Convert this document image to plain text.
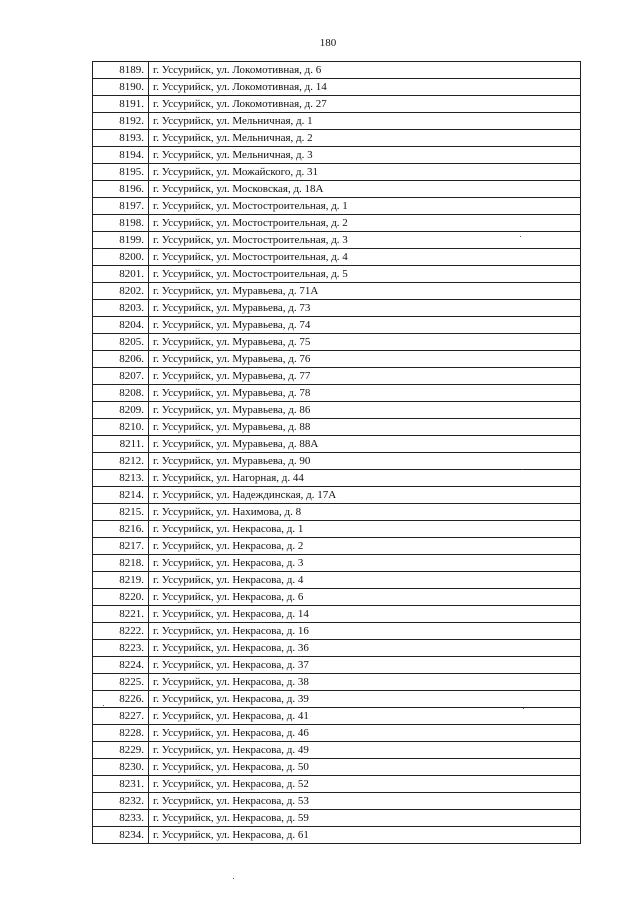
180
8189.	г. Уссурийск, ул. Локомотивная, д. 6
8190.	г. Уссурийск, ул. Локомотивная, д. 14
8191.	г. Уссурийск, ул. Локомотивная, д. 27
8192.	г. Уссурийск, ул. Мельничная, д. 1
8193.	г. Уссурийск, ул. Мельничная, д. 2
8194.	г. Уссурийск, ул. Мельничная, д. 3
8195.	г. Уссурийск, ул. Можайского, д. 31
8196.	г. Уссурийск, ул. Московская, д. 18А
8197.	г. Уссурийск, ул. Мостостроительная, д. 1
8198.	г. Уссурийск, ул. Мостостроительная, д. 2
8199.	г. Уссурийск, ул. Мостостроительная, д. 3
8200.	г. Уссурийск, ул. Мостостроительная, д. 4
8201.	г. Уссурийск, ул. Мостостроительная, д. 5
8202.	г. Уссурийск, ул. Муравьева, д. 71А
8203.	г. Уссурийск, ул. Муравьева, д. 73
8204.	г. Уссурийск, ул. Муравьева, д. 74
8205.	г. Уссурийск, ул. Муравьева, д. 75
8206.	г. Уссурийск, ул. Муравьева, д. 76
8207.	г. Уссурийск, ул. Муравьева, д. 77
8208.	г. Уссурийск, ул. Муравьева, д. 78
8209.	г. Уссурийск, ул. Муравьева, д. 86
8210.	г. Уссурийск, ул. Муравьева, д. 88
8211.	г. Уссурийск, ул. Муравьева, д. 88А
8212.	г. Уссурийск, ул. Муравьева, д. 90
8213.	г. Уссурийск, ул. Нагорная, д. 44
8214.	г. Уссурийск, ул. Надеждинская, д. 17А
8215.	г. Уссурийск, ул. Нахимова, д. 8
8216.	г. Уссурийск, ул. Некрасова, д. 1
8217.	г. Уссурийск, ул. Некрасова, д. 2
8218.	г. Уссурийск, ул. Некрасова, д. 3
8219.	г. Уссурийск, ул. Некрасова, д. 4
8220.	г. Уссурийск, ул. Некрасова, д. 6
8221.	г. Уссурийск, ул. Некрасова, д. 14
8222.	г. Уссурийск, ул. Некрасова, д. 16
8223.	г. Уссурийск, ул. Некрасова, д. 36
8224.	г. Уссурийск, ул. Некрасова, д. 37
8225.	г. Уссурийск, ул. Некрасова, д. 38
8226.	г. Уссурийск, ул. Некрасова, д. 39
8227.	г. Уссурийск, ул. Некрасова, д. 41
8228.	г. Уссурийск, ул. Некрасова, д. 46
8229.	г. Уссурийск, ул. Некрасова, д. 49
8230.	г. Уссурийск, ул. Некрасова, д. 50
8231.	г. Уссурийск, ул. Некрасова, д. 52
8232.	г. Уссурийск, ул. Некрасова, д. 53
8233.	г. Уссурийск, ул. Некрасова, д. 59
8234.	г. Уссурийск, ул. Некрасова, д. 61
